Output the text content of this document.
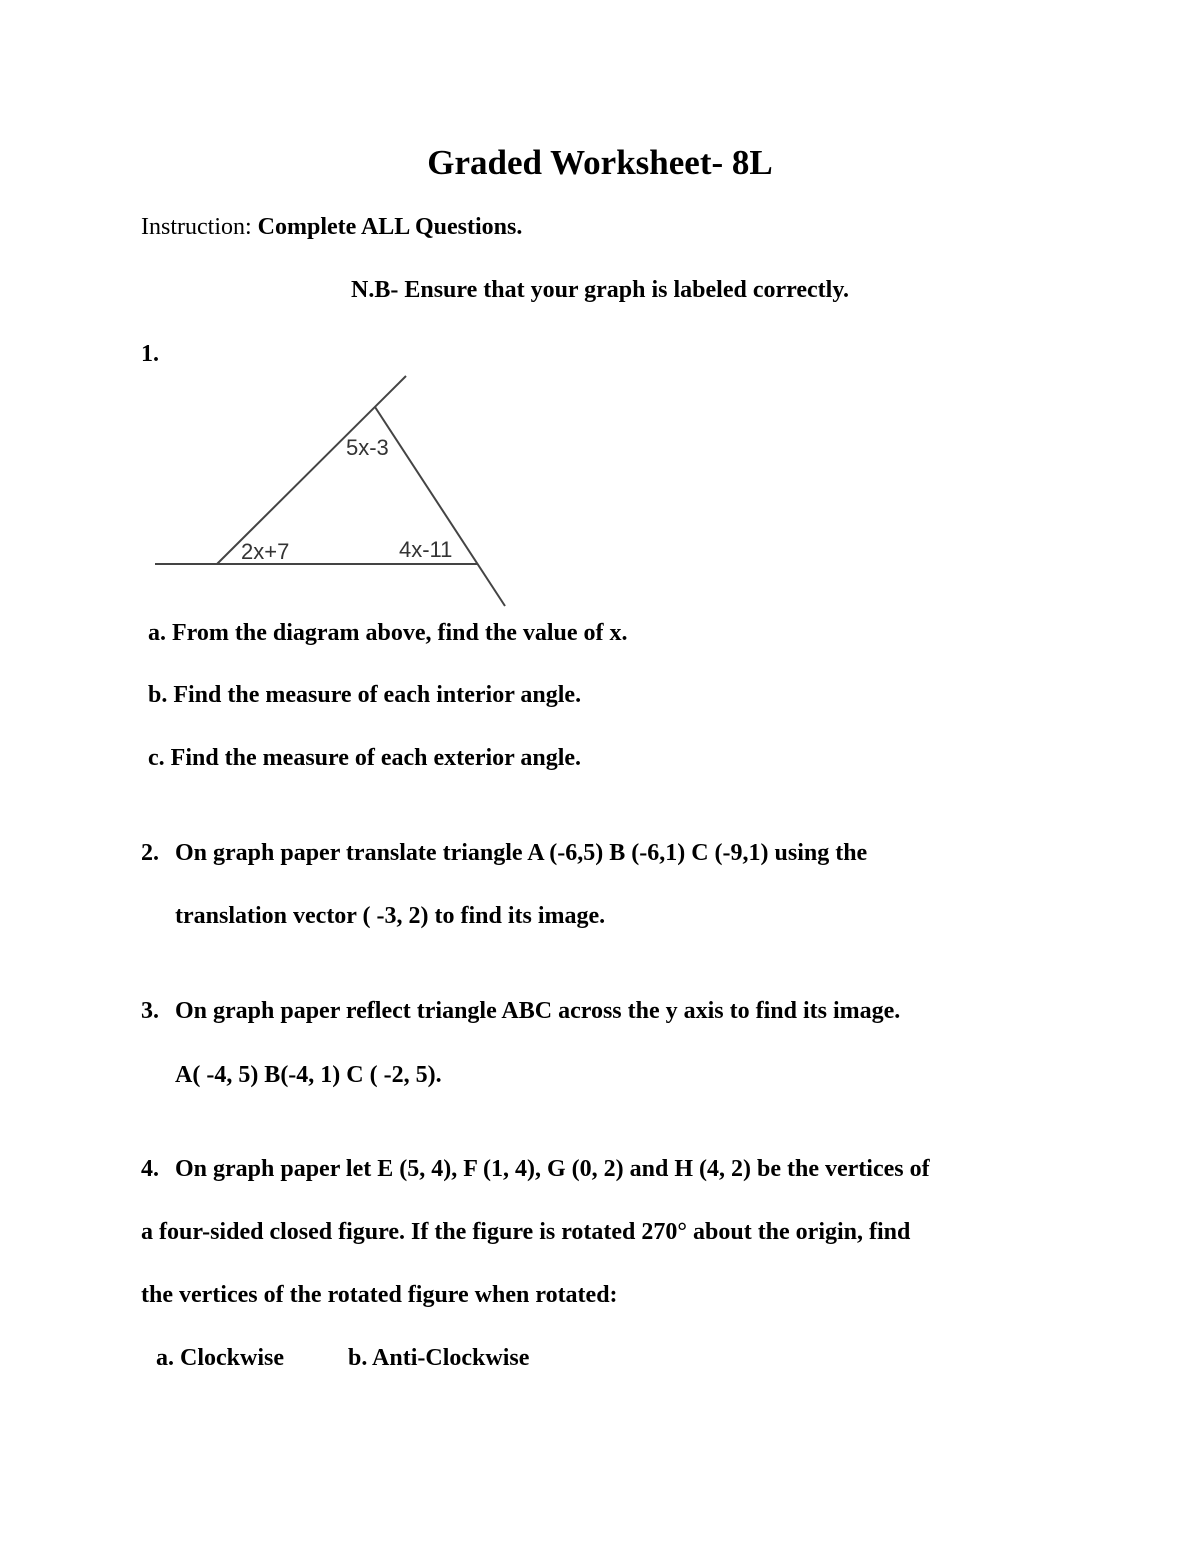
Graded Worksheet- 8L
Instruction: Complete ALL Questions.
N.B- Ensure that your graph is labeled correctly.
1.
5x-3
2x+7	4x-11
a. From the diagram above, find the value of x.
b. Find the measure of each interior angle.
c. Find the measure of each exterior angle.
2. On graph paper translate triangle A (-6,5) B (-6,1) C (-9,1) using the
translation vector ( -3, 2) to find its image.
3. On graph paper reflect triangle ABC across the y axis to find its image.
A( -4, 5) B(-4, 1) C ( -2, 5).
4. On graph paper let E (5, 4), F (1, 4), G (0, 2) and H (4, 2) be the vertices of
a four-sided closed figure. If the figure is rotated 270° about the origin, find
the vertices of the rotated figure when rotated:
a. Clockwise	b. Anti-Clockwise
